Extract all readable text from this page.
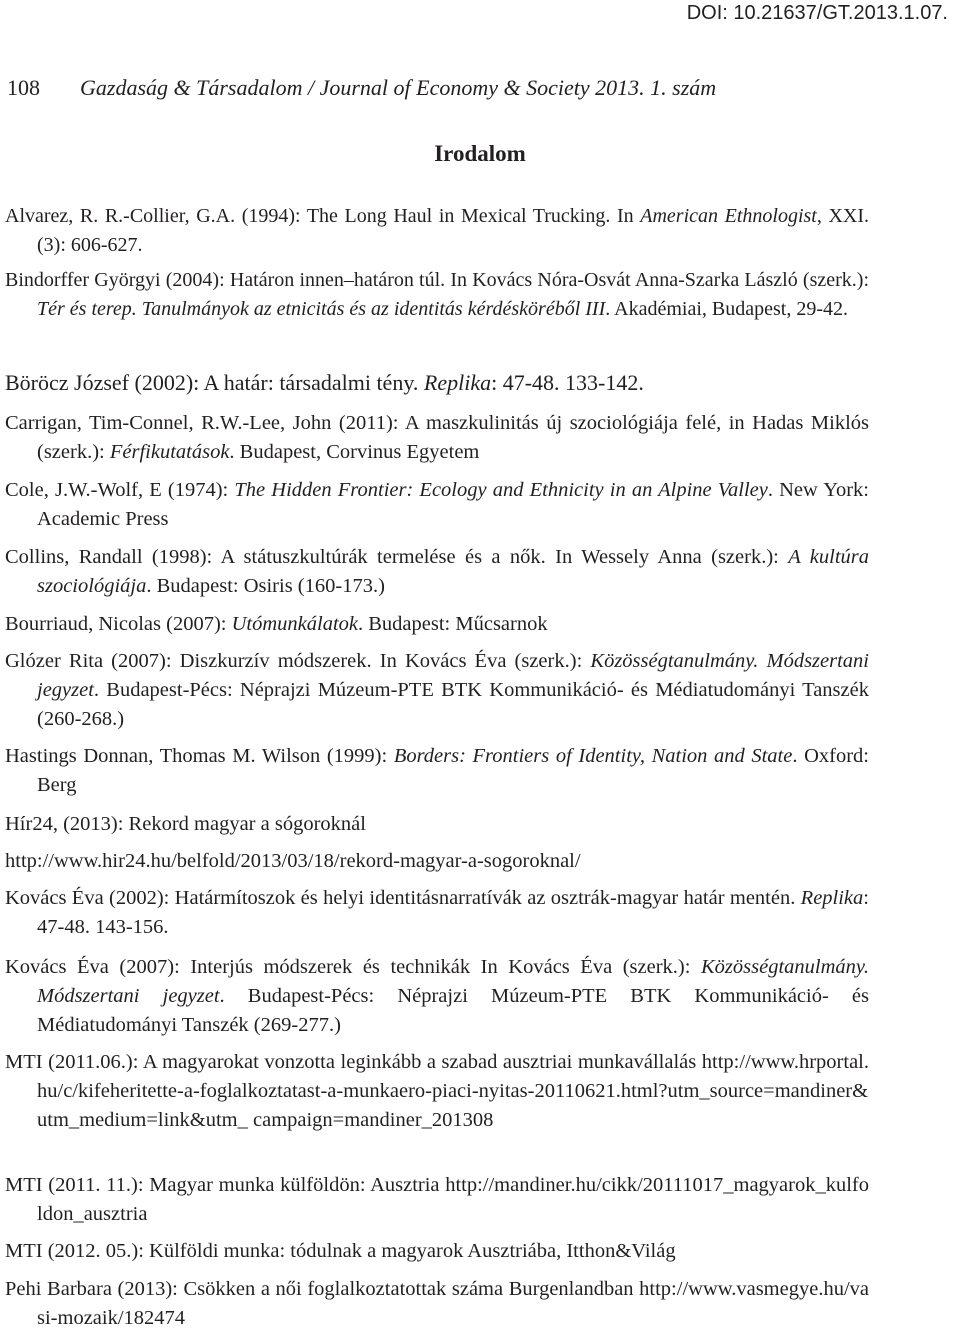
DOI: 10.21637/GT.2013.1.07.
108 Gazdaság & Társadalom / Journal of Economy & Society 2013. 1. szám
Irodalom

Alvarez, R. R.-Collier, G.A. (1994): The Long Haul in Mexical Trucking. In American Ethnologist, XXI. (3): 606-627.

Bindorffer Györgyi (2004): Határon innen–határon túl. In Kovács Nóra-Osvát Anna-Szarka László (szerk.): Tér és terep. Tanulmányok az etnicitás és az identitás kérdésköréből III. Akadémiai, Budapest, 29-42.

Böröcz József (2002): A határ: társadalmi tény. Replika: 47-48. 133-142.

Carrigan, Tim-Connel, R.W.-Lee, John (2011): A maszkulinitás új szociológiája felé, in Hadas Miklós (szerk.): Férfikutatások. Budapest, Corvinus Egyetem

Cole, J.W.-Wolf, E (1974): The Hidden Frontier: Ecology and Ethnicity in an Alpine Valley. New York: Academic Press

Collins, Randall (1998): A státuszkultúrák termelése és a nők. In Wessely Anna (szerk.): A kultúra szociológiája. Budapest: Osiris (160-173.)

Bourriaud, Nicolas (2007): Utómunkálatok. Budapest: Műcsarnok

Glózer Rita (2007): Diszkurzív módszerek. In Kovács Éva (szerk.): Közösségtanulmány. Módszertani jegyzet. Budapest-Pécs: Néprajzi Múzeum-PTE BTK Kommunikáció- és Médiatudományi Tanszék (260-268.)

Hastings Donnan, Thomas M. Wilson (1999): Borders: Frontiers of Identity, Nation and State. Oxford: Berg

Hír24, (2013): Rekord magyar a sógoroknál

http://www.hir24.hu/belfold/2013/03/18/rekord-magyar-a-sogoroknal/

Kovács Éva (2002): Határmítoszok és helyi identitásnarratívák az osztrák-magyar határ mentén. Replika: 47-48. 143-156.

Kovács Éva (2007): Interjús módszerek és technikák In Kovács Éva (szerk.): Közösségtanulmány. Módszertani jegyzet. Budapest-Pécs: Néprajzi Múzeum-PTE BTK Kommunikáció- és Médiatudományi Tanszék (269-277.)

MTI (2011.06.): A magyarokat vonzotta leginkább a szabad ausztriai munkavállalás http://www.hrportal.hu/c/kifeheritette-a-foglalkoztatast-a-munkaero-piaci-nyitas-20110621.html?utm_source=mandiner&utm_medium=link&utm_ campaign=mandiner_201308

MTI (2011. 11.): Magyar munka külföldön: Ausztria http://mandiner.hu/cikk/20111017_magyarok_kulfoldon_ausztria

MTI (2012. 05.): Külföldi munka: tódulnak a magyarok Ausztriába, Itthon&Világ

Pehi Barbara (2013): Csökken a női foglalkoztatottak száma Burgenlandban http://www.vasmegye.hu/vasi-mozaik/182474
